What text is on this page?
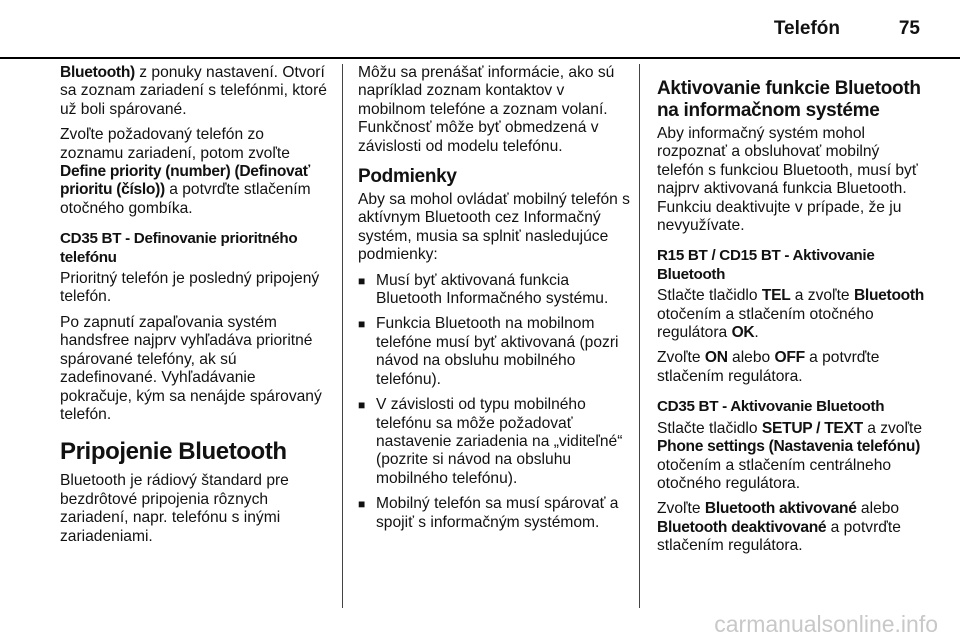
Telefón	75

Bluetooth) z ponuky nastavení. Otvorí sa zoznam zariadení s telefónmi, ktoré už boli spárované.

Zvoľte požadovaný telefón zo zoznamu zariadení, potom zvoľte Define priority (number) (Definovať prioritu (číslo)) a potvrďte stlačením otočného gombíka.

CD35 BT - Definovanie prioritného telefónu

Prioritný telefón je posledný pripojený telefón.

Po zapnutí zapaľovania systém handsfree najprv vyhľadáva prioritné spárované telefóny, ak sú zadefinované. Vyhľadávanie pokračuje, kým sa nenájde spárovaný telefón.

Pripojenie Bluetooth

Bluetooth je rádiový štandard pre bezdrôtové pripojenia rôznych zariadení, napr. telefónu s inými zariadeniami.

Môžu sa prenášať informácie, ako sú napríklad zoznam kontaktov v mobilnom telefóne a zoznam volaní. Funkčnosť môže byť obmedzená v závislosti od modelu telefónu.

Podmienky

Aby sa mohol ovládať mobilný telefón s aktívnym Bluetooth cez Informačný systém, musia sa splniť nasledujúce podmienky:

■ Musí byť aktivovaná funkcia Bluetooth Informačného systému.
■ Funkcia Bluetooth na mobilnom telefóne musí byť aktivovaná (pozri návod na obsluhu mobilného telefónu).
■ V závislosti od typu mobilného telefónu sa môže požadovať nastavenie zariadenia na „viditeľné“ (pozrite si návod na obsluhu mobilného telefónu).
■ Mobilný telefón sa musí spárovať a spojiť s informačným systémom.
Aktivovanie funkcie Bluetooth na informačnom systéme

Aby informačný systém mohol rozpoznať a obsluhovať mobilný telefón s funkciou Bluetooth, musí byť najprv aktivovaná funkcia Bluetooth. Funkciu deaktivujte v prípade, že ju nevyužívate.

R15 BT / CD15 BT - Aktivovanie Bluetooth

Stlačte tlačidlo TEL a zvoľte Bluetooth otočením a stlačením otočného regulátora OK.

Zvoľte ON alebo OFF a potvrďte stlačením regulátora.

CD35 BT - Aktivovanie Bluetooth

Stlačte tlačidlo SETUP / TEXT a zvoľte Phone settings (Nastavenia telefónu) otočením a stlačením centrálneho otočného regulátora.

Zvoľte Bluetooth aktivované alebo Bluetooth deaktivované a potvrďte stlačením regulátora.

carmanualsonline.info
